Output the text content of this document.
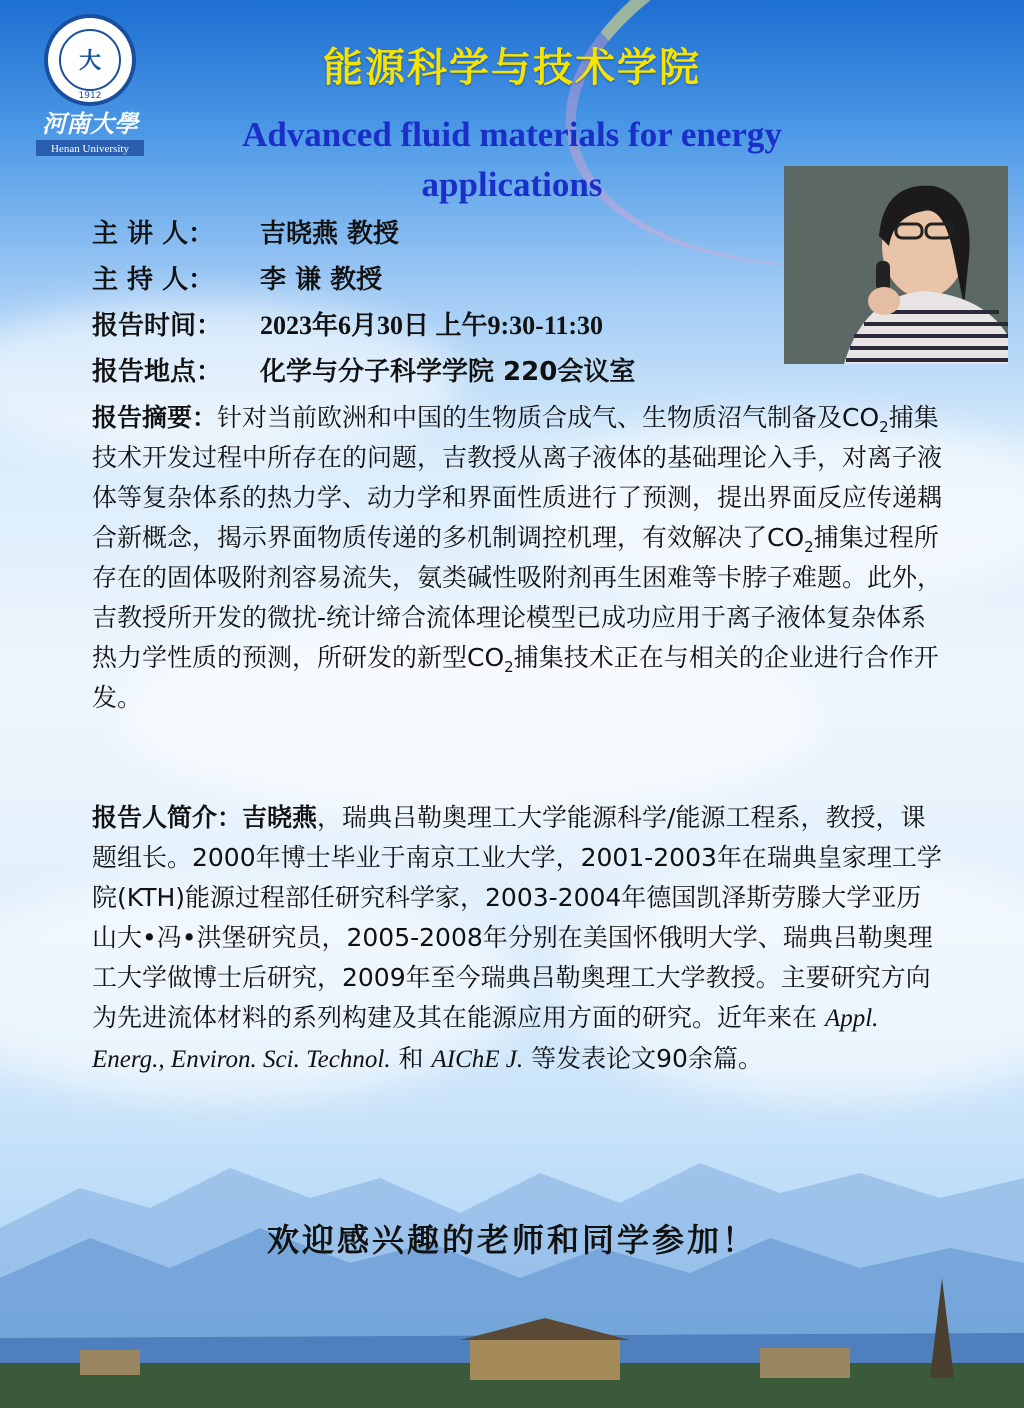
大
1912
河南大學
Henan University
能源科学与技术学院
Advanced fluid materials for energy applications
主 讲 人： 吉晓燕 教授
主 持 人： 李 谦 教授
报告时间： 2023年6月30日 上午9:30-11:30
报告地点： 化学与分子科学学院 220会议室
报告摘要：针对当前欧洲和中国的生物质合成气、生物质沼气制备及$CO_2$捕集技术开发过程中所存在的问题，吉教授从离子液体的基础理论入手，对离子液体等复杂体系的热力学、动力学和界面性质进行了预测，提出界面反应传递耦合新概念，揭示界面物质传递的多机制调控机理，有效解决了$CO_2$捕集过程所存在的固体吸附剂容易流失，氨类碱性吸附剂再生困难等卡脖子难题。此外，吉教授所开发的微扰-统计缔合流体理论模型已成功应用于离子液体复杂体系热力学性质的预测，所研发的新型$CO_2$捕集技术正在与相关的企业进行合作开发。
报告人简介：吉晓燕，瑞典吕勒奥理工大学能源科学/能源工程系，教授，课题组长。2000年博士毕业于南京工业大学，2001-2003年在瑞典皇家理工学院(KTH)能源过程部任研究科学家，2003-2004年德国凯泽斯劳滕大学亚历山大•冯•洪堡研究员，2005-2008年分别在美国怀俄明大学、瑞典吕勒奥理工大学做博士后研究，2009年至今瑞典吕勒奥理工大学教授。主要研究方向为先进流体材料的系列构建及其在能源应用方面的研究。近年来在 Appl. Energ., Environ. Sci. Technol. 和 AIChE J. 等发表论文90余篇。
欢迎感兴趣的老师和同学参加！
